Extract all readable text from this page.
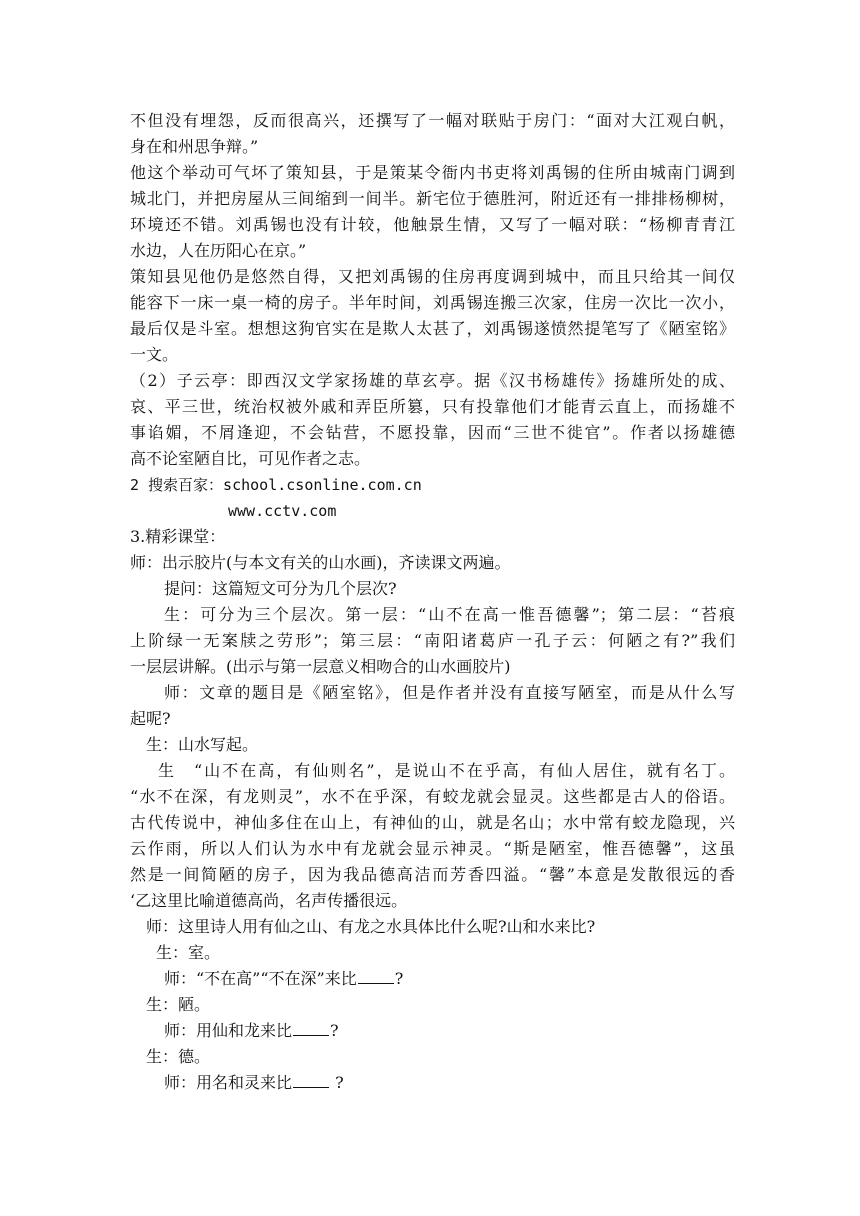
不但没有埋怨，反而很高兴，还撰写了一幅对联贴于房门：“面对大江观白帆，
身在和州思争辩。”
他这个举动可气坏了策知县，于是策某令衙内书吏将刘禹锡的住所由城南门调到
城北门，并把房屋从三间缩到一间半。新宅位于德胜河，附近还有一排排杨柳树，
环境还不错。刘禹锡也没有计较，他触景生情，又写了一幅对联：“杨柳青青江
水边，人在历阳心在京。”
策知县见他仍是悠然自得，又把刘禹锡的住房再度调到城中，而且只给其一间仅
能容下一床一桌一椅的房子。半年时间，刘禹锡连搬三次家，住房一次比一次小，
最后仅是斗室。想想这狗官实在是欺人太甚了，刘禹锡遂愤然提笔写了《陋室铭》
一文。
（2）子云亭：即西汉文学家扬雄的草玄亭。据《汉书杨雄传》扬雄所处的成、
哀、平三世，统治权被外戚和弄臣所篡，只有投靠他们才能青云直上，而扬雄不
事谄媚，不屑逢迎，不会钻营，不愿投靠，因而“三世不徙官”。作者以扬雄德
高不论室陋自比，可见作者之志。
2 搜索百家：school.csonline.com.cn
www.cctv.com
3.精彩课堂：
师：出示胶片(与本文有关的山水画)，齐读课文两遍。
提问：这篇短文可分为几个层次?
生：可分为三个层次。第一层：“山不在高一惟吾德馨”；第二层：“苔痕
上阶绿一无案牍之劳形”；第三层：“南阳诸葛庐一孔子云：何陋之有?”我们
一层层讲解。(出示与第一层意义相吻合的山水画胶片)
师：文章的题目是《陋室铭》，但是作者并没有直接写陋室，而是从什么写
起呢?
生：山水写起。
生　“山不在高，有仙则名”，是说山不在乎高，有仙人居住，就有名丁。
“水不在深，有龙则灵”，水不在乎深，有蛟龙就会显灵。这些都是古人的俗语。
古代传说中，神仙多住在山上，有神仙的山，就是名山；水中常有蛟龙隐现，兴
云作雨，所以人们认为水中有龙就会显示神灵。“斯是陋室，惟吾德馨”，这虽
然是一间简陋的房子，因为我品德高洁而芳香四溢。“馨”本意是发散很远的香
‘乙这里比喻道德高尚，名声传播很远。
师：这里诗人用有仙之山、有龙之水具体比什么呢?山和水来比?
生：室。
师：“不在高”“不在深”来比 ?
生：陋。
师：用仙和龙来比 ?
生：德。
师：用名和灵来比 ?
